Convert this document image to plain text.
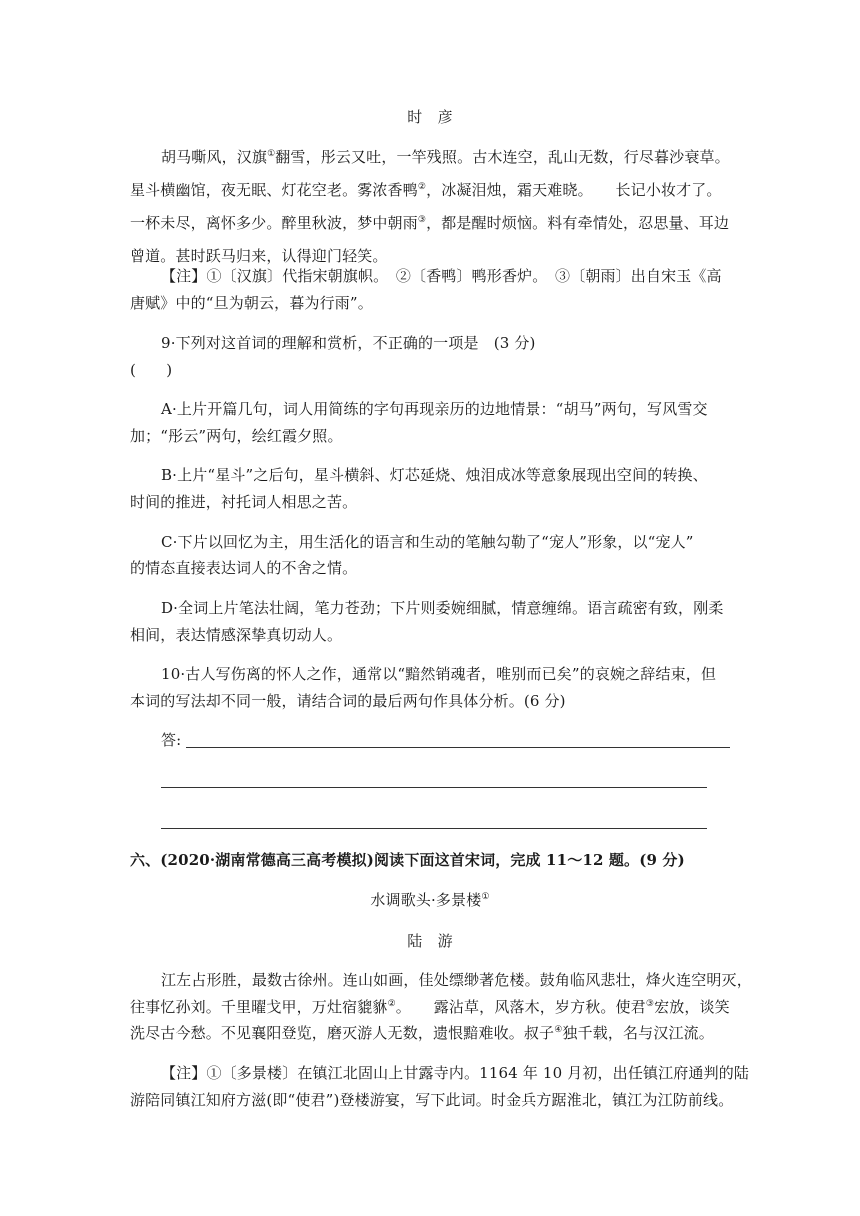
时　彦
胡马嘶风，汉旗①翻雪，彤云又吐，一竿残照。古木连空，乱山无数，行尽暮沙衰草。
星斗横幽馆，夜无眠、灯花空老。雾浓香鸭②，冰凝泪烛，霜天难晓。　　长记小妆才了。
一杯未尽，离怀多少。醉里秋波，梦中朝雨③，都是醒时烦恼。料有牵情处，忍思量、耳边
曾道。甚时跃马归来，认得迎门轻笑。
【注】①〔汉旗〕代指宋朝旗帜。　②〔香鸭〕鸭形香炉。　③〔朝雨〕出自宋玉《高
唐赋》中的“旦为朝云，暮为行雨”。
9·下列对这首词的理解和赏析，不正确的一项是　(3 分)
(　　)
A·上片开篇几句，词人用简练的字句再现亲历的边地情景：“胡马”两句，写风雪交
加；“彤云”两句，绘红霞夕照。
B·上片“星斗”之后句，星斗横斜、灯芯延烧、烛泪成冰等意象展现出空间的转换、
时间的推进，衬托词人相思之苦。
C·下片以回忆为主，用生活化的语言和生动的笔触勾勒了“宠人”形象，以“宠人”
的情态直接表达词人的不舍之情。
D·全词上片笔法壮阔，笔力苍劲；下片则委婉细腻，情意缠绵。语言疏密有致，刚柔
相间，表达情感深挚真切动人。
10·古人写伤离的怀人之作，通常以“黯然销魂者，唯别而已矣”的哀婉之辞结束，但
本词的写法却不同一般，请结合词的最后两句作具体分析。(6 分)
答:
六、(2020·湖南常德高三高考模拟)阅读下面这首宋词，完成 11～12 题。(9 分)
水调歌头·多景楼①
陆　游
江左占形胜，最数古徐州。连山如画，佳处缥缈著危楼。鼓角临风悲壮，烽火连空明灭，
往事忆孙刘。千里曜戈甲，万灶宿貔貅②。　　露沾草，风落木，岁方秋。使君③宏放，谈笑
洗尽古今愁。不见襄阳登览，磨灭游人无数，遗恨黯难收。叔子④独千载，名与汉江流。
【注】①〔多景楼〕在镇江北固山上甘露寺内。1164 年 10 月初，出任镇江府通判的陆
游陪同镇江知府方滋(即“使君”)登楼游宴，写下此词。时金兵方踞淮北，镇江为江防前线。
